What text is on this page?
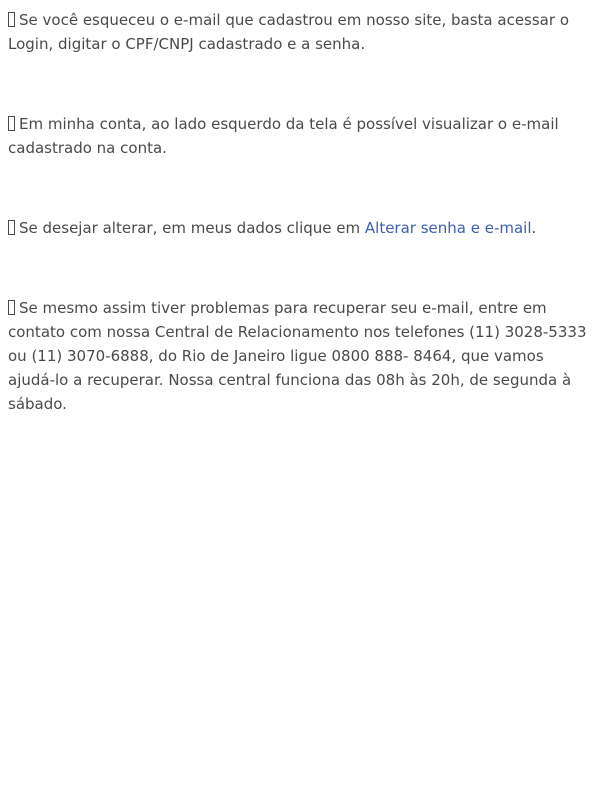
Se você esqueceu o e-mail que cadastrou em nosso site, basta acessar o Login, digitar o CPF/CNPJ cadastrado e a senha.

Em minha conta, ao lado esquerdo da tela é possível visualizar o e-mail cadastrado na conta.

Se desejar alterar, em meus dados clique em Alterar senha e e-mail.

Se mesmo assim tiver problemas para recuperar seu e-mail, entre em contato com nossa Central de Relacionamento nos telefones (11) 3028-5333 ou (11) 3070-6888, do Rio de Janeiro ligue 0800 888- 8464, que vamos ajudá-lo a recuperar. Nossa central funciona das 08h às 20h, de segunda à sábado.
